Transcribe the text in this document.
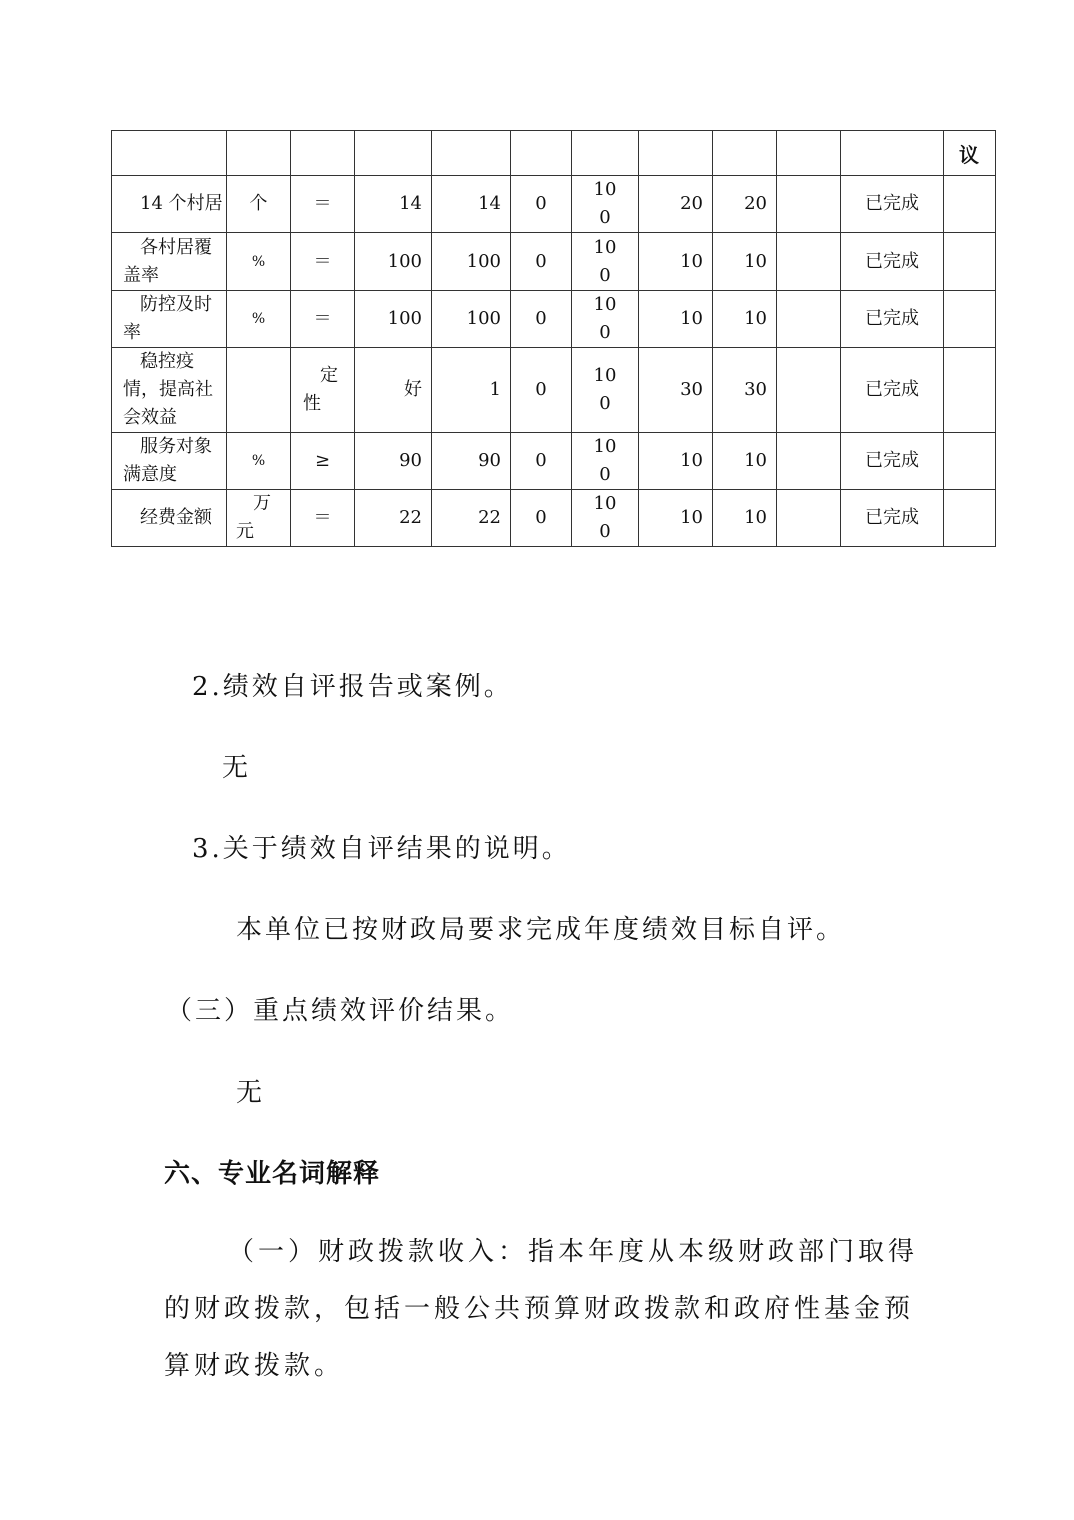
											议
14 个村居	个	＝	14	14	0	10 0	20	20		已完成	
各村居覆盖率	%	＝	100	100	0	10 0	10	10		已完成	
防控及时率	%	＝	100	100	0	10 0	10	10		已完成	
稳控疫情，提高社会效益		定性	好	1	0	10 0	30	30		已完成	
服务对象满意度	%	≥	90	90	0	10 0	10	10		已完成	
经费金额	万元	＝	22	22	0	10 0	10	10		已完成	

2.绩效自评报告或案例。

无

3.关于绩效自评结果的说明。

本单位已按财政局要求完成年度绩效目标自评。

（三）重点绩效评价结果。

无

六、专业名词解释

（一）财政拨款收入：指本年度从本级财政部门取得的财政拨款，包括一般公共预算财政拨款和政府性基金预算财政拨款。
